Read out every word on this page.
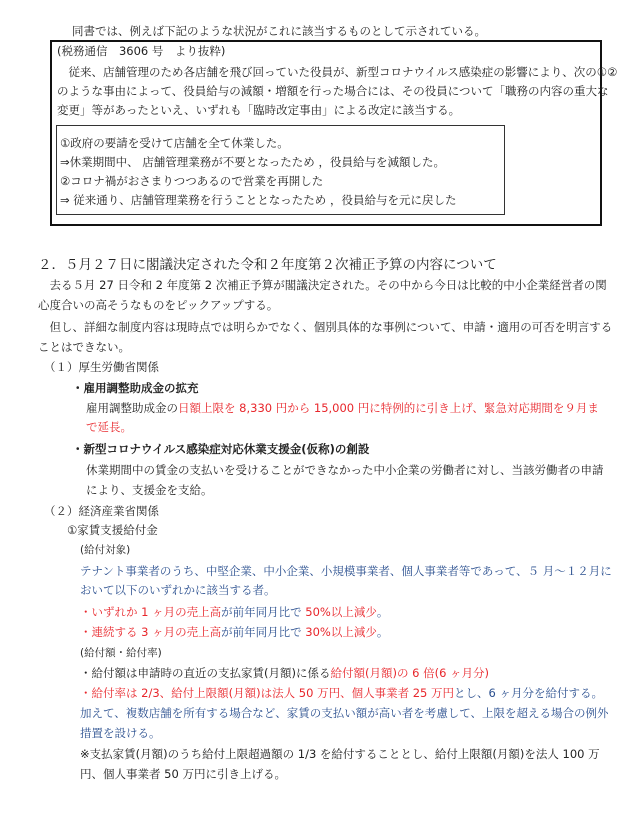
同書では、例えば下記のような状況がこれに該当するものとして示されている。
(税務通信　3606 号　より抜粋)
　従来、店舗管理のため各店舗を飛び回っていた役員が、新型コロナウイルス感染症の影響により、次の①②
のような事由によって、役員給与の減額・増額を行った場合には、その役員について「職務の内容の重大な
変更」等があったといえ、いずれも「臨時改定事由」による改定に該当する。
①政府の要請を受けて店舗を全て休業した。
⇒休業期間中、 店舗管理業務が不要となったため ，役員給与を減額した。
②コロナ禍がおさまりつつあるので営業を再開した
⇒ 従来通り、店舗管理業務を行うこととなったため ，役員給与を元に戻した
２．５月２７日に閣議決定された令和２年度第２次補正予算の内容について
　去る５月 27 日令和 2 年度第 2 次補正予算が閣議決定された。その中から今日は比較的中小企業経営者の関
心度合いの高そうなものをピックアップする。
　但し、詳細な制度内容は現時点では明らかでなく、個別具体的な事例について、申請・適用の可否を明言する
ことはできない。
（１）厚生労働省関係
・雇用調整助成金の拡充
雇用調整助成金の日額上限を 8,330 円から 15,000 円に特例的に引き上げ、緊急対応期間を９月ま
で延長。
・新型コロナウイルス感染症対応休業支援金(仮称)の創設
休業期間中の賃金の支払いを受けることができなかった中小企業の労働者に対し、当該労働者の申請
により、支援金を支給。
（２）経済産業省関係
①家賃支援給付金
(給付対象)
テナント事業者のうち、中堅企業、中小企業、小規模事業者、個人事業者等であって、５ 月～１２月に
おいて以下のいずれかに該当する者。
・いずれか 1 ヶ月の売上高が前年同月比で 50%以上減少。
・連続する 3 ヶ月の売上高が前年同月比で 30%以上減少。
(給付額・給付率)
・給付額は申請時の直近の支払家賃(月額)に係る給付額(月額)の 6 倍(6 ヶ月分)
・給付率は 2/3、給付上限額(月額)は法人 50 万円、個人事業者 25 万円とし、6 ヶ月分を給付する。
加えて、複数店舗を所有する場合など、家賃の支払い額が高い者を考慮して、上限を超える場合の例外
措置を設ける。
※支払家賃(月額)のうち給付上限超過額の 1/3 を給付することとし、給付上限額(月額)を法人 100 万
円、個人事業者 50 万円に引き上げる。
